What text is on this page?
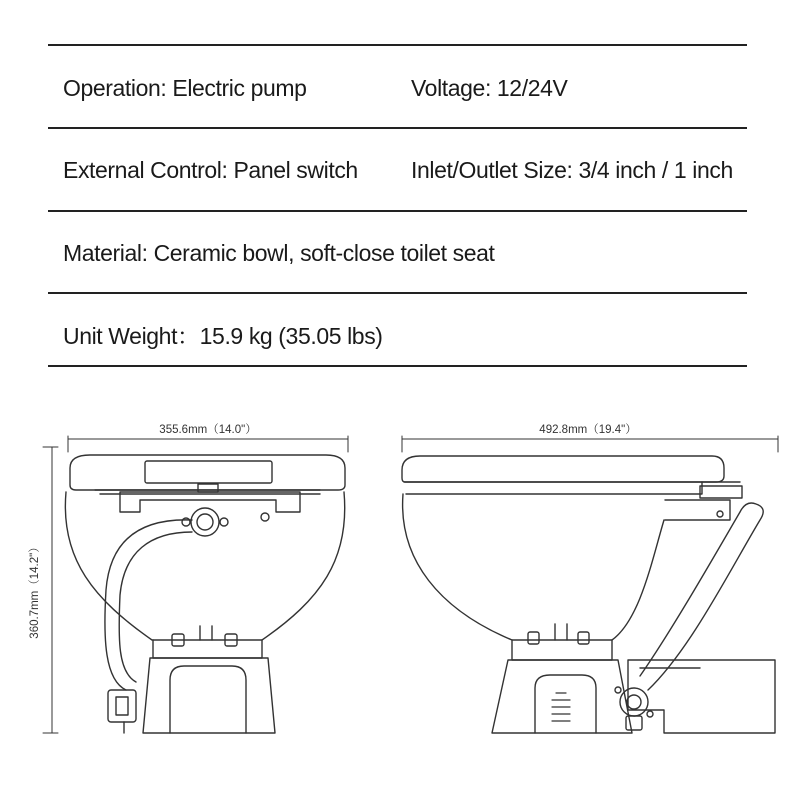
Operation: Electric pump	Voltage: 12/24V
External Control: Panel switch Inlet/Outlet Size: 3/4 inch / 1 inch
Material: Ceramic bowl, soft-close toilet seat
Unit Weight：15.9 kg (35.05 lbs)
355.6mm（14.0"）	492.8mm（19.4"）
360.7mm（14.2"）
